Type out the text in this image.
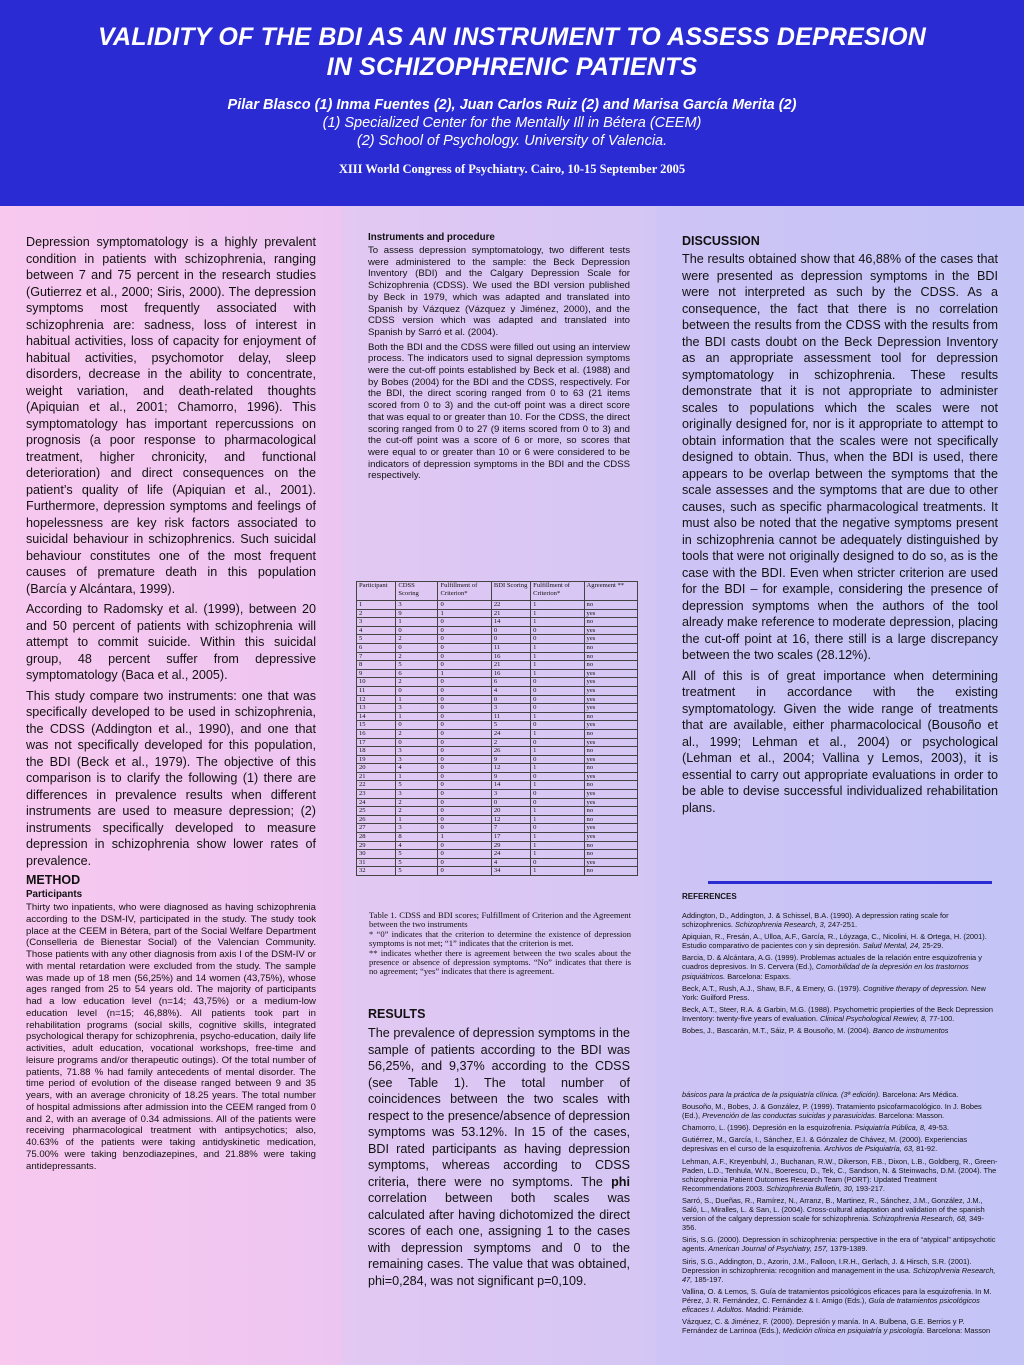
VALIDITY OF THE BDI AS AN INSTRUMENT TO ASSESS DEPRESION
IN SCHIZOPHRENIC PATIENTS
Pilar Blasco (1) Inma Fuentes (2), Juan Carlos Ruiz (2) and Marisa García Merita (2)
(1) Specialized Center for the Mentally Ill in Bétera (CEEM)
(2) School of Psychology. University of Valencia.
XIII World Congress of Psychiatry. Cairo, 10-15 September 2005

Depression symptomatology is a highly prevalent condition in patients with schizophrenia, ranging between 7 and 75 percent in the research studies (Gutierrez et al., 2000; Siris, 2000). The depression symptoms most frequently associated with schizophrenia are: sadness, loss of interest in habitual activities, loss of capacity for enjoyment of habitual activities, psychomotor delay, sleep disorders, decrease in the ability to concentrate, weight variation, and death-related thoughts (Apiquian et al., 2001; Chamorro, 1996). This symptomatology has important repercussions on prognosis (a poor response to pharmacological treatment, higher chronicity, and functional deterioration) and direct consequences on the patient’s quality of life (Apiquian et al., 2001). Furthermore, depression symptoms and feelings of hopelessness are key risk factors associated to suicidal behaviour in schizophrenics. Such suicidal behaviour constitutes one of the most frequent causes of premature death in this population (Barcía y Alcántara, 1999).

According to Radomsky et al. (1999), between 20 and 50 percent of patients with schizophrenia will attempt to commit suicide. Within this suicidal group, 48 percent suffer from depressive symptomatology (Baca et al., 2005).

This study compare two instruments: one that was specifically developed to be used in schizophrenia, the CDSS (Addington et al., 1990), and one that was not specifically developed for this population, the BDI (Beck et al., 1979). The objective of this comparison is to clarify the following (1) there are differences in prevalence results when different instruments are used to measure depression; (2) instruments specifically developed to measure depression in schizophrenia show lower rates of prevalence.

METHOD
Participants

Thirty two inpatients, who were diagnosed as having schizophrenia according to the DSM-IV, participated in the study. The study took place at the CEEM in Bétera, part of the Social Welfare Department (Conselleria de Bienestar Social) of the Valencian Community. Those patients with any other diagnosis from axis I of the DSM-IV or with mental retardation were excluded from the study. The sample was made up of 18 men (56,25%) and 14 women (43,75%), whose ages ranged from 25 to 54 years old. The majority of participants had a low education level (n=14; 43,75%) or a medium-low education level (n=15; 46,88%). All patients took part in rehabilitation programs (social skills, cognitive skills, integrated psychological therapy for schizophrenia, psycho-education, daily life activities, adult education, vocational workshops, free-time and leisure programs and/or therapeutic outings). Of the total number of patients, 71.88 % had family antecedents of mental disorder. The time period of evolution of the disease ranged between 9 and 35 years, with an average chronicity of 18.25 years. The total number of hospital admissions after admission into the CEEM ranged from 0 and 2, with an average of 0.34 admissions. All of the patients were receiving pharmacological treatment with antipsychotics; also, 40.63% of the patients were taking antidyskinetic medication, 75.00% were taking benzodiazepines, and 21.88% were taking antidepressants.

Instruments and procedure

To assess depression symptomatology, two different tests were administered to the sample: the Beck Depression Inventory (BDI) and the Calgary Depression Scale for Schizophrenia (CDSS). We used the BDI version published by Beck in 1979, which was adapted and translated into Spanish by Vázquez (Vázquez y Jiménez, 2000), and the CDSS version which was adapted and translated into Spanish by Sarró et al. (2004).

Both the BDI and the CDSS were filled out using an interview process. The indicators used to signal depression symptoms were the cut-off points established by Beck et al. (1988) and by Bobes (2004) for the BDI and the CDSS, respectively. For the BDI, the direct scoring ranged from 0 to 63 (21 items scored from 0 to 3) and the cut-off point was a direct score that was equal to or greater than 10. For the CDSS, the direct scoring ranged from 0 to 27 (9 items scored from 0 to 3) and the cut-off point was a score of 6 or more, so scores that were equal to or greater than 10 or 6 were considered to be indicators of depression symptoms in the BDI and the CDSS respectively.

Participant	CDSS Scoring	Fulfillment of Criterion*	BDI Scoring	Fulfillment of Criterion*	Agreement **
1	3	0	22	1	no
2	9	1	21	1	yes
3	1	0	14	1	no
4	0	0	0	0	yes
5	2	0	0	0	yes
6	0	0	11	1	no
7	2	0	16	1	no
8	5	0	21	1	no
9	6	1	16	1	yes
10	2	0	6	0	yes
11	0	0	4	0	yes
12	1	0	0	0	yes
13	3	0	3	0	yes
14	1	0	11	1	no
15	0	0	5	0	yes
16	2	0	24	1	no
17	0	0	2	0	yes
18	3	0	26	1	no
19	3	0	9	0	yes
20	4	0	12	1	no
21	1	0	9	0	yes
22	5	0	14	1	no
23	3	0	3	0	yes
24	2	0	0	0	yes
25	2	0	20	1	no
26	1	0	12	1	no
27	3	0	7	0	yes
28	8	1	17	1	yes
29	4	0	29	1	no
30	5	0	24	1	no
31	5	0	4	0	yes
32	5	0	34	1	no

Table 1. CDSS and BDI scores; Fulfillment of Criterion and the Agreement between the two instruments

* “0” indicates that the criterion to determine the existence of depression symptoms is not met; “1” indicates that the criterion is met.

** indicates whether there is agreement between the two scales about the presence or absence of depression symptoms. “No” indicates that there is no agreement; “yes” indicates that there is agreement.

RESULTS

The prevalence of depression symptoms in the sample of patients according to the BDI was 56,25%, and 9,37% according to the CDSS (see Table 1). The total number of coincidences between the two scales with respect to the presence/absence of depression symptoms was 53.12%. In 15 of the cases, BDI rated participants as having depression symptoms, whereas according to CDSS criteria, there were no symptoms. The phi correlation between both scales was calculated after having dichotomized the direct scores of each one, assigning 1 to the cases with depression symptoms and 0 to the remaining cases. The value that was obtained, phi=0,284, was not significant p=0,109.

DISCUSSION

The results obtained show that 46,88% of the cases that were presented as depression symptoms in the BDI were not interpreted as such by the CDSS. As a consequence, the fact that there is no correlation between the results from the CDSS with the results from the BDI casts doubt on the Beck Depression Inventory as an appropriate assessment tool for depression symptomatology in schizophrenia. These results demonstrate that it is not appropriate to administer scales to populations which the scales were not originally designed for, nor is it appropriate to attempt to obtain information that the scales were not specifically designed to obtain. Thus, when the BDI is used, there appears to be overlap between the symptoms that the scale assesses and the symptoms that are due to other causes, such as specific pharmacological treatments. It must also be noted that the negative symptoms present in schizophrenia cannot be adequately distinguished by tools that were not originally designed to do so, as is the case with the BDI. Even when stricter criterion are used for the BDI – for example, considering the presence of depression symptoms when the authors of the tool already make reference to moderate depression, placing the cut-off point at 16, there still is a large discrepancy between the two scales (28.12%).

All of this is of great importance when determining treatment in accordance with the existing symptomatology. Given the wide range of treatments that are available, either pharmacolocical (Bousoño et al., 1999; Lehman et al., 2004) or psychological (Lehman et al., 2004; Vallina y Lemos, 2003), it is essential to carry out appropriate evaluations in order to be able to devise successful individualized rehabilitation plans.

REFERENCES

Addington, D., Addington, J. & Schissel, B.A. (1990). A depression rating scale for schizophrenics. Schizophrenia Research, 3, 247-251.

Apiquian, R., Fresán, A., Ulloa, A.F., García, R., Lóyzaga, C., Nicolini, H. & Ortega, H. (2001). Estudio comparativo de pacientes con y sin depresión. Salud Mental, 24, 25-29.

Barcia, D. & Alcántara, A.G. (1999). Problemas actuales de la relación entre esquizofrenia y cuadros depresivos. In S. Cervera (Ed.), Comorbilidad de la depresión en los trastornos psiquiátricos. Barcelona: Espaxs.

Beck, A.T., Rush, A.J., Shaw, B.F., & Emery, G. (1979). Cognitive therapy of depression. New York: Guilford Press.

Beck, A.T., Steer, R.A. & Garbin, M.G. (1988). Psychometric propierties of the Beck Depression Inventory: twenty-five years of evaluation. Clinical Psychological Rewiev, 8, 77-100.

Bobes, J., Bascarán, M.T., Sáiz, P. & Bousoño, M. (2004). Banco de instrumentos

básicos para la práctica de la psiquiatría clínica. (3ª edición). Barcelona: Ars Médica.

Bousoño, M., Bobes, J. & González, P. (1999). Tratamiento psicofarmacológico. In J. Bobes (Ed.), Prevención de las conductas suicidas y parasuicidas. Barcelona: Masson.

Chamorro, L. (1996). Depresión en la esquizofrenia. Psiquiatría Pública, 8, 49-53.

Gutiérrez, M., García, I., Sánchez, E.I. & Gónzalez de Chávez, M. (2000). Experiencias depresivas en el curso de la esquizofrenia. Archivos de Psiquiatría, 63, 81-92.

Lehman, A.F., Kreyenbuhl, J., Buchanan, R.W., Dikerson, F.B., Dixon, L.B., Goldberg, R., Green-Paden, L.D., Tenhula, W.N., Boerescu, D., Tek, C., Sandson, N. & Steinwachs, D.M. (2004). The schizophrenia Patient Outcomes Research Team (PORT): Updated Treatment Recommendations 2003. Schizophrenia Bulletin, 30, 193-217.

Sarró, S., Dueñas, R., Ramírez, N., Arranz, B., Martinez, R., Sánchez, J.M., González, J.M., Saló, L., Miralles, L. & San, L. (2004). Cross-cultural adaptation and validation of the spanish version of the calgary depression scale for schizophrenia. Schizophrenia Research, 68, 349-356.

Siris, S.G. (2000). Depression in schizophrenia: perspective in the era of “atypical” antipsychotic agents. American Journal of Psychiatry, 157, 1379-1389.

Siris, S.G., Addington, D., Azorin, J.M., Falloon, I.R.H., Gerlach, J. & Hirsch, S.R. (2001). Depression in schizophrenia: recognition and management in the usa. Schizophrenia Research, 47, 185-197.

Vallina, O. & Lemos, S. Guía de tratamientos psicológicos eficaces para la esquizofrenia. In M. Pérez, J. R. Fernández, C. Fernández & I. Amigo (Eds.), Guía de tratamientos psicológicos eficaces I. Adultos. Madrid: Pirámide.

Vázquez, C. & Jiménez, F. (2000). Depresión y manía. In A. Bulbena, G.E. Berrios y P. Fernández de Larrinoa (Eds.), Medición clínica en psiquiatría y psicología. Barcelona: Masson
